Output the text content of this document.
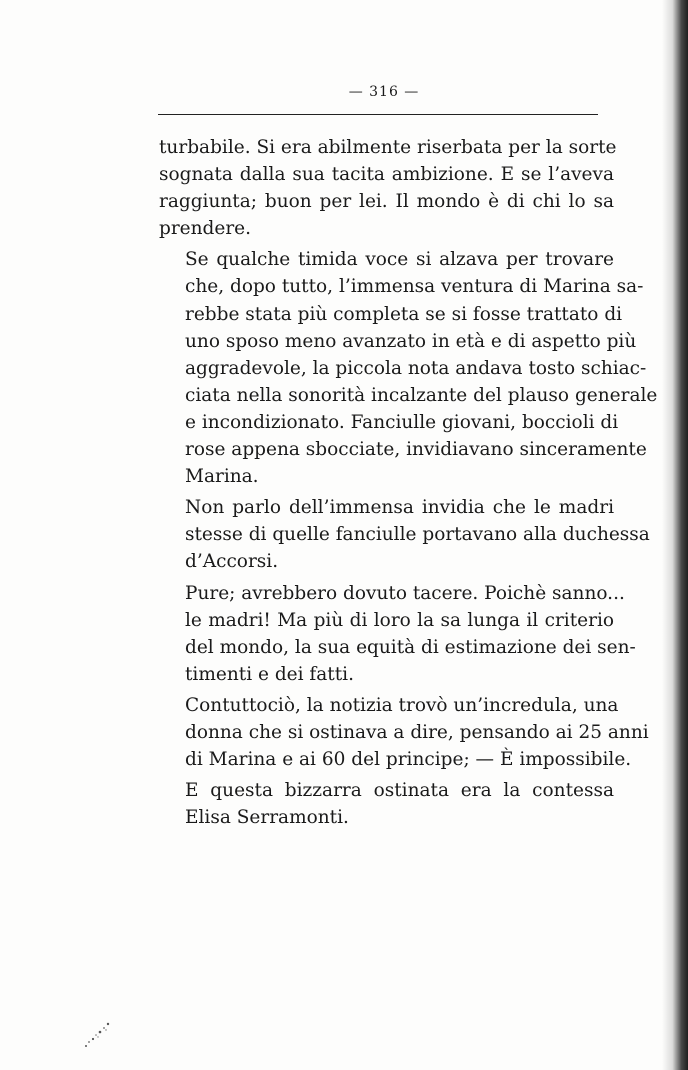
— 316 —

turbabile. Si era abilmente riserbata per la sorte
sognata dalla sua tacita ambizione. E se l’aveva
raggiunta; buon per lei. Il mondo è di chi lo sa
prendere.

Se qualche timida voce si alzava per trovare
che, dopo tutto, l’immensa ventura di Marina sa-
rebbe stata più completa se si fosse trattato di
uno sposo meno avanzato in età e di aspetto più
aggradevole, la piccola nota andava tosto schiac-
ciata nella sonorità incalzante del plauso generale
e incondizionato. Fanciulle giovani, boccioli di
rose appena sbocciate, invidiavano sinceramente
Marina.

Non parlo dell’immensa invidia che le madri
stesse di quelle fanciulle portavano alla duchessa
d’Accorsi.

Pure; avrebbero dovuto tacere. Poichè sanno...
le madri! Ma più di loro la sa lunga il criterio
del mondo, la sua equità di estimazione dei sen-
timenti e dei fatti.

Contuttociò, la notizia trovò un’incredula, una
donna che si ostinava a dire, pensando ai 25 anni
di Marina e ai 60 del principe; — È impossibile.

E questa bizzarra ostinata era la contessa
Elisa Serramonti.
